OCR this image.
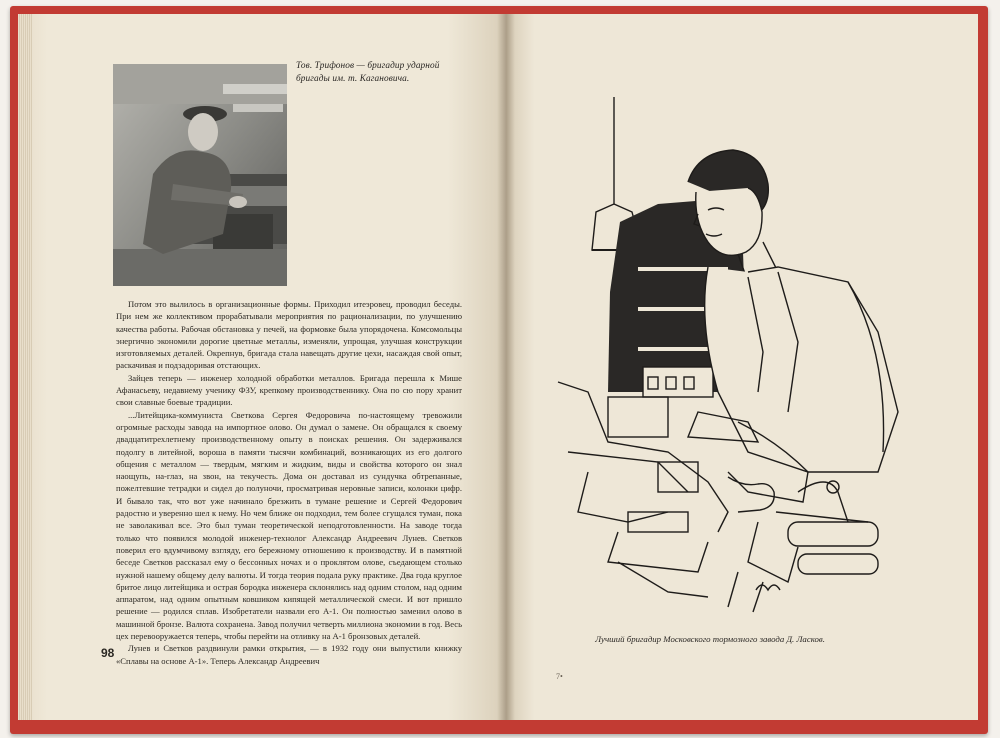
Тов. Трифонов — бригадир ударной бригады им. т. Кагановича.

Потом это вылилось в организационные формы. Приходил итеэровец, проводил беседы. При нем же коллективом прорабатывали мероприятия по рационализации, по улучшению качества работы. Рабочая обстановка у печей, на формовке была упорядочена. Комсомольцы энергично экономили дорогие цветные металлы, изменяли, упрощая, улучшая конструкции изготовляемых деталей. Окрепнув, бригада стала навещать другие цехи, насаждая свой опыт, раскачивая и подзадоривая отстающих.

Зайцев теперь — инженер холодной обработки металлов. Бригада перешла к Мише Афанасьеву, недавнему ученику ФЗУ, крепкому производственнику. Она по сю пору хранит свои славные боевые традиции.

...Литейщика-коммуниста Светкова Сергея Федоровича по-настоящему тревожили огромные расходы завода на импортное олово. Он думал о замене. Он обращался к своему двадцатитрехлетнему производственному опыту в поисках решения. Он задерживался подолгу в литейной, вороша в памяти тысячи комбинаций, возникающих из его долгого общения с металлом — твердым, мягким и жидким, виды и свойства которого он знал наощупь, на-глаз, на звон, на текучесть. Дома он доставал из сундучка обтрепанные, пожелтевшие тетрадки и сидел до полуночи, просматривая неровные записи, колонки цифр. И бывало так, что вот уже начинало брезжить в тумане решение и Сергей Федорович радостно и уверенно шел к нему. Но чем ближе он подходил, тем более сгущался туман, пока не заволакивал все. Это был туман теоретической неподготовленности. На заводе тогда только что появился молодой инженер-технолог Александр Андреевич Лунев. Светков поверил его вдумчивому взгляду, его бережному отношению к производству. И в памятной беседе Светков рассказал ему о бессонных ночах и о проклятом олове, съедающем столько нужной нашему общему делу валюты. И тогда теория подала руку практике. Два года круглое бритое лицо литейщика и острая бородка инженера склонялись над одним столом, над одним аппаратом, над одним опытным ковшиком кипящей металлической смеси. И вот пришло решение — родился сплав. Изобретатели назвали его А-1. Он полностью заменил олово в машинной бронзе. Валюта сохранена. Завод получил четверть миллиона экономии в год. Весь цех перевооружается теперь, чтобы перейти на отливку на А-1 бронзовых деталей.

Лунев и Светков раздвинули рамки открытия, — в 1932 году они выпустили книжку «Сплавы на основе А-1». Теперь Александр Андреевич

98
Лучший бригадир Московского тормозного завода Д. Ласков.
7•
